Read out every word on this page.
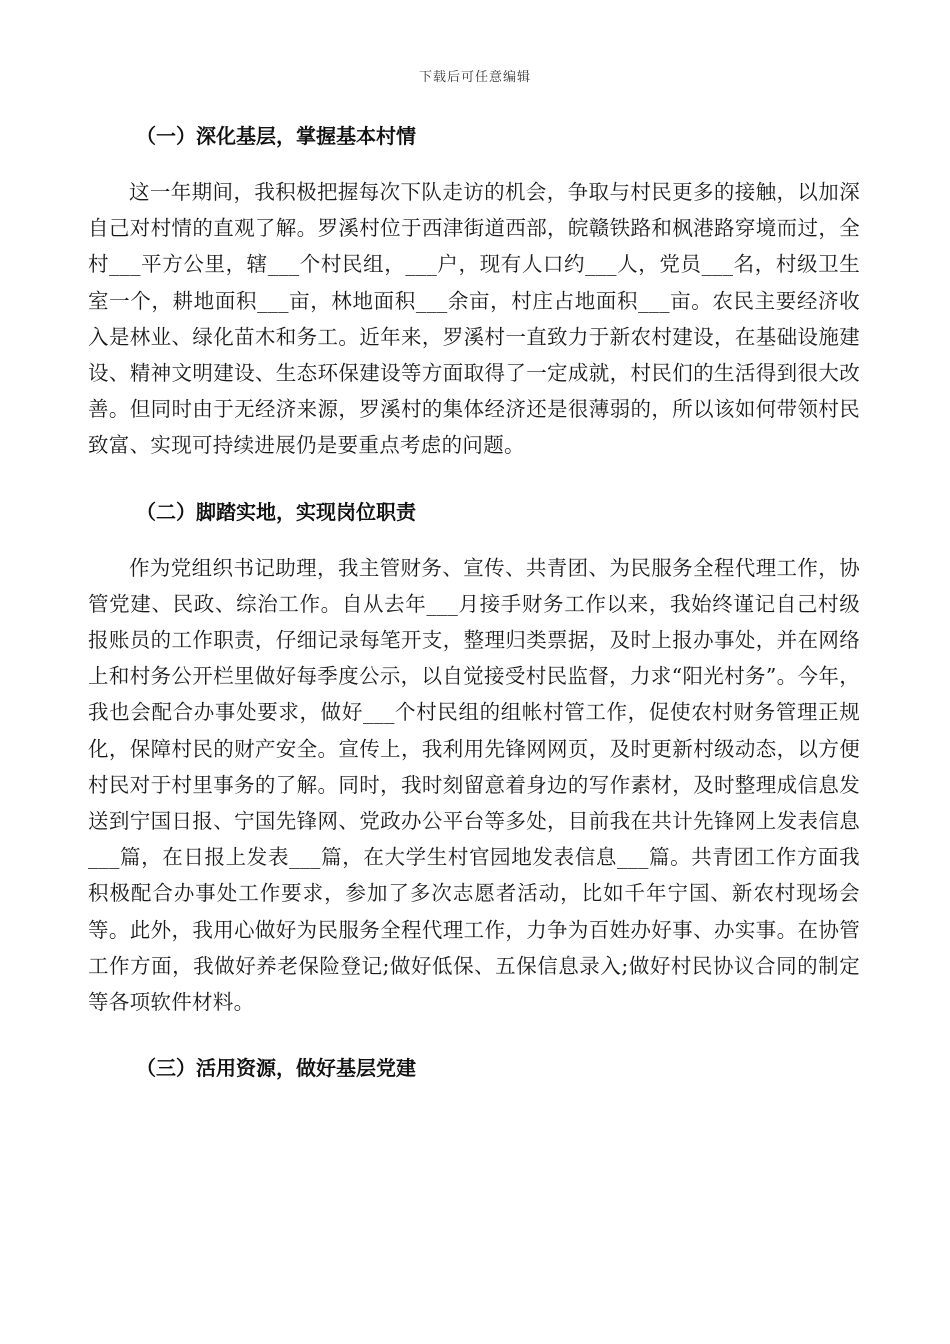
下载后可任意编辑
（一）深化基层，掌握基本村情

这一年期间，我积极把握每次下队走访的机会，争取与村民更多的接触，以加深自己对村情的直观了解。罗溪村位于西津街道西部，皖赣铁路和枫港路穿境而过，全村___平方公里，辖___个村民组，___户，现有人口约___人，党员___名，村级卫生室一个，耕地面积___亩，林地面积___余亩，村庄占地面积___亩。农民主要经济收入是林业、绿化苗木和务工。近年来，罗溪村一直致力于新农村建设，在基础设施建设、精神文明建设、生态环保建设等方面取得了一定成就，村民们的生活得到很大改善。但同时由于无经济来源，罗溪村的集体经济还是很薄弱的，所以该如何带领村民致富、实现可持续进展仍是要重点考虑的问题。

（二）脚踏实地，实现岗位职责

作为党组织书记助理，我主管财务、宣传、共青团、为民服务全程代理工作，协管党建、民政、综治工作。自从去年___月接手财务工作以来，我始终谨记自己村级报账员的工作职责，仔细记录每笔开支，整理归类票据，及时上报办事处，并在网络上和村务公开栏里做好每季度公示，以自觉接受村民监督，力求“阳光村务”。今年，我也会配合办事处要求，做好___个村民组的组帐村管工作，促使农村财务管理正规化，保障村民的财产安全。宣传上，我利用先锋网网页，及时更新村级动态，以方便村民对于村里事务的了解。同时，我时刻留意着身边的写作素材，及时整理成信息发送到宁国日报、宁国先锋网、党政办公平台等多处，目前我在共计先锋网上发表信息___篇，在日报上发表___篇，在大学生村官园地发表信息___篇。共青团工作方面我积极配合办事处工作要求，参加了多次志愿者活动，比如千年宁国、新农村现场会等。此外，我用心做好为民服务全程代理工作，力争为百姓办好事、办实事。在协管工作方面，我做好养老保险登记;做好低保、五保信息录入;做好村民协议合同的制定等各项软件材料。

（三）活用资源，做好基层党建
